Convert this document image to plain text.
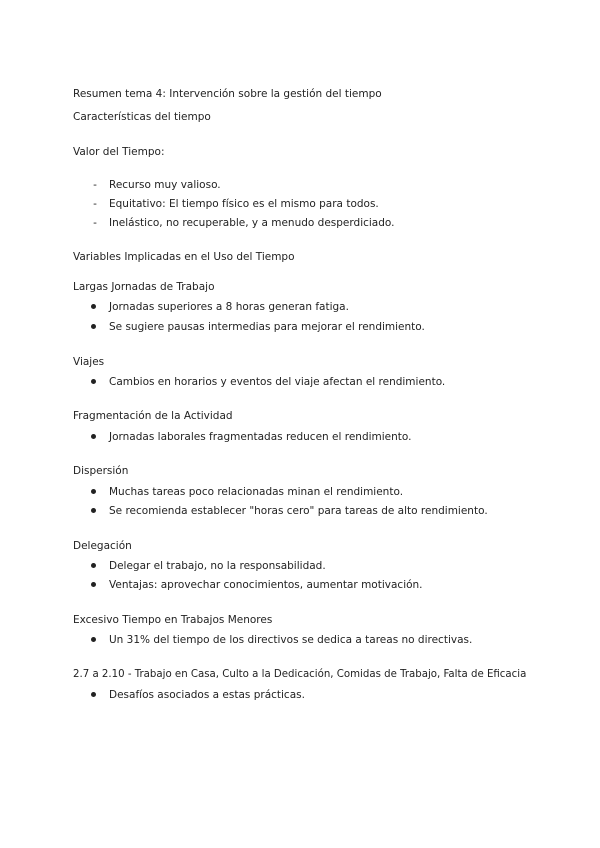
Resumen tema 4: Intervención sobre la gestión del tiempo
Características del tiempo
Valor del Tiempo:
- Recurso muy valioso.
- Equitativo: El tiempo físico es el mismo para todos.
- Inelástico, no recuperable, y a menudo desperdiciado.
Variables Implicadas en el Uso del Tiempo
Largas Jornadas de Trabajo
Jornadas superiores a 8 horas generan fatiga.
Se sugiere pausas intermedias para mejorar el rendimiento.
Viajes
Cambios en horarios y eventos del viaje afectan el rendimiento.
Fragmentación de la Actividad
Jornadas laborales fragmentadas reducen el rendimiento.
Dispersión
Muchas tareas poco relacionadas minan el rendimiento.
Se recomienda establecer "horas cero" para tareas de alto rendimiento.
Delegación
Delegar el trabajo, no la responsabilidad.
Ventajas: aprovechar conocimientos, aumentar motivación.
Excesivo Tiempo en Trabajos Menores
Un 31% del tiempo de los directivos se dedica a tareas no directivas.
2.7 a 2.10 - Trabajo en Casa, Culto a la Dedicación, Comidas de Trabajo, Falta de Eficacia
Desafíos asociados a estas prácticas.
